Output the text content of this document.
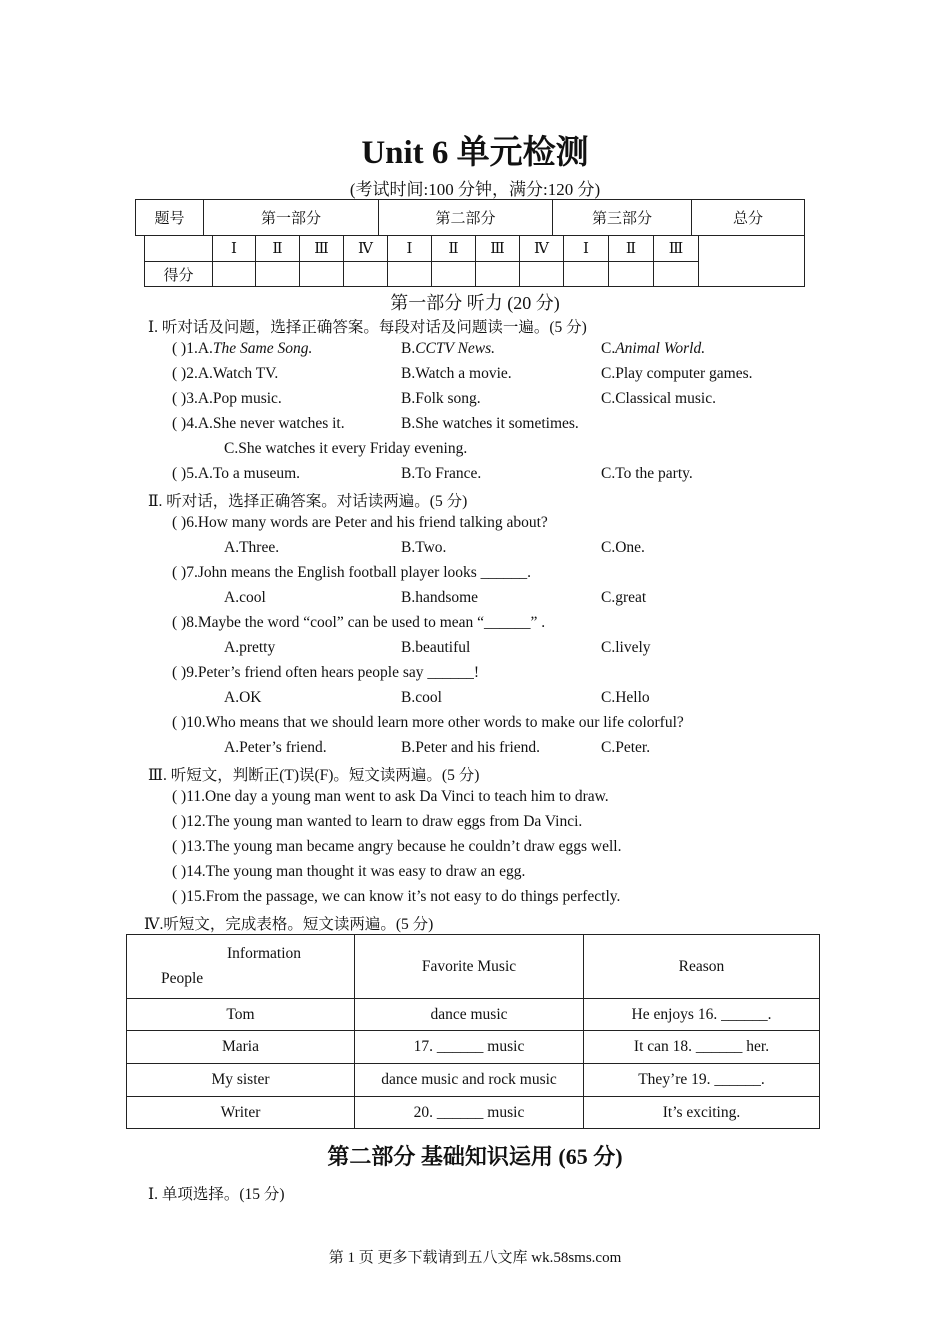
Unit 6 单元检测
(考试时间:100 分钟，满分:120 分)
题号	第一部分	第二部分	第三部分	总分
	Ⅰ	Ⅱ	Ⅲ	Ⅳ	Ⅰ	Ⅱ	Ⅲ	Ⅳ	Ⅰ	Ⅱ	Ⅲ	
得分												
第一部分 听力 (20 分)
Ⅰ. 听对话及问题，选择正确答案。每段对话及问题读一遍。(5 分)
( )1.A.The Same Song.	B.CCTV News.	C.Animal World.
( )2.A.Watch TV.	B.Watch a movie.	C.Play computer games.
( )3.A.Pop music.	B.Folk song.	C.Classical music.
( )4.A.She never watches it.	B.She watches it sometimes.
C.She watches it every Friday evening.
( )5.A.To a museum.	B.To France.	C.To the party.
Ⅱ. 听对话，选择正确答案。对话读两遍。(5 分)
( )6.How many words are Peter and his friend talking about?
A.Three.	B.Two.	C.One.
( )7.John means the English football player looks ______.
A.cool	B.handsome	C.great
( )8.Maybe the word “cool” can be used to mean “______” .
A.pretty	B.beautiful	C.lively
( )9.Peter’s friend often hears people say ______!
A.OK	B.cool	C.Hello
( )10.Who means that we should learn more other words to make our life colorful?
A.Peter’s friend.	B.Peter and his friend.	C.Peter.
Ⅲ. 听短文，判断正(T)误(F)。短文读两遍。(5 分)
( )11.One day a young man went to ask Da Vinci to teach him to draw.
( )12.The young man wanted to learn to draw eggs from Da Vinci.
( )13.The young man became angry because he couldn’t draw eggs well.
( )14.The young man thought it was easy to draw an egg.
( )15.From the passage, we can know it’s not easy to do things perfectly.
Ⅳ.听短文，完成表格。短文读两遍。(5 分)
Information
People	Favorite Music	Reason
Tom	dance music	He enjoys 16. ______.
Maria	17. ______ music	It can 18. ______ her.
My sister	dance music and rock music	They’re 19. ______.
Writer	20. ______ music	It’s exciting.
第二部分 基础知识运用 (65 分)
Ⅰ. 单项选择。(15 分)
第 1 页 更多下载请到五八文库 wk.58sms.com
